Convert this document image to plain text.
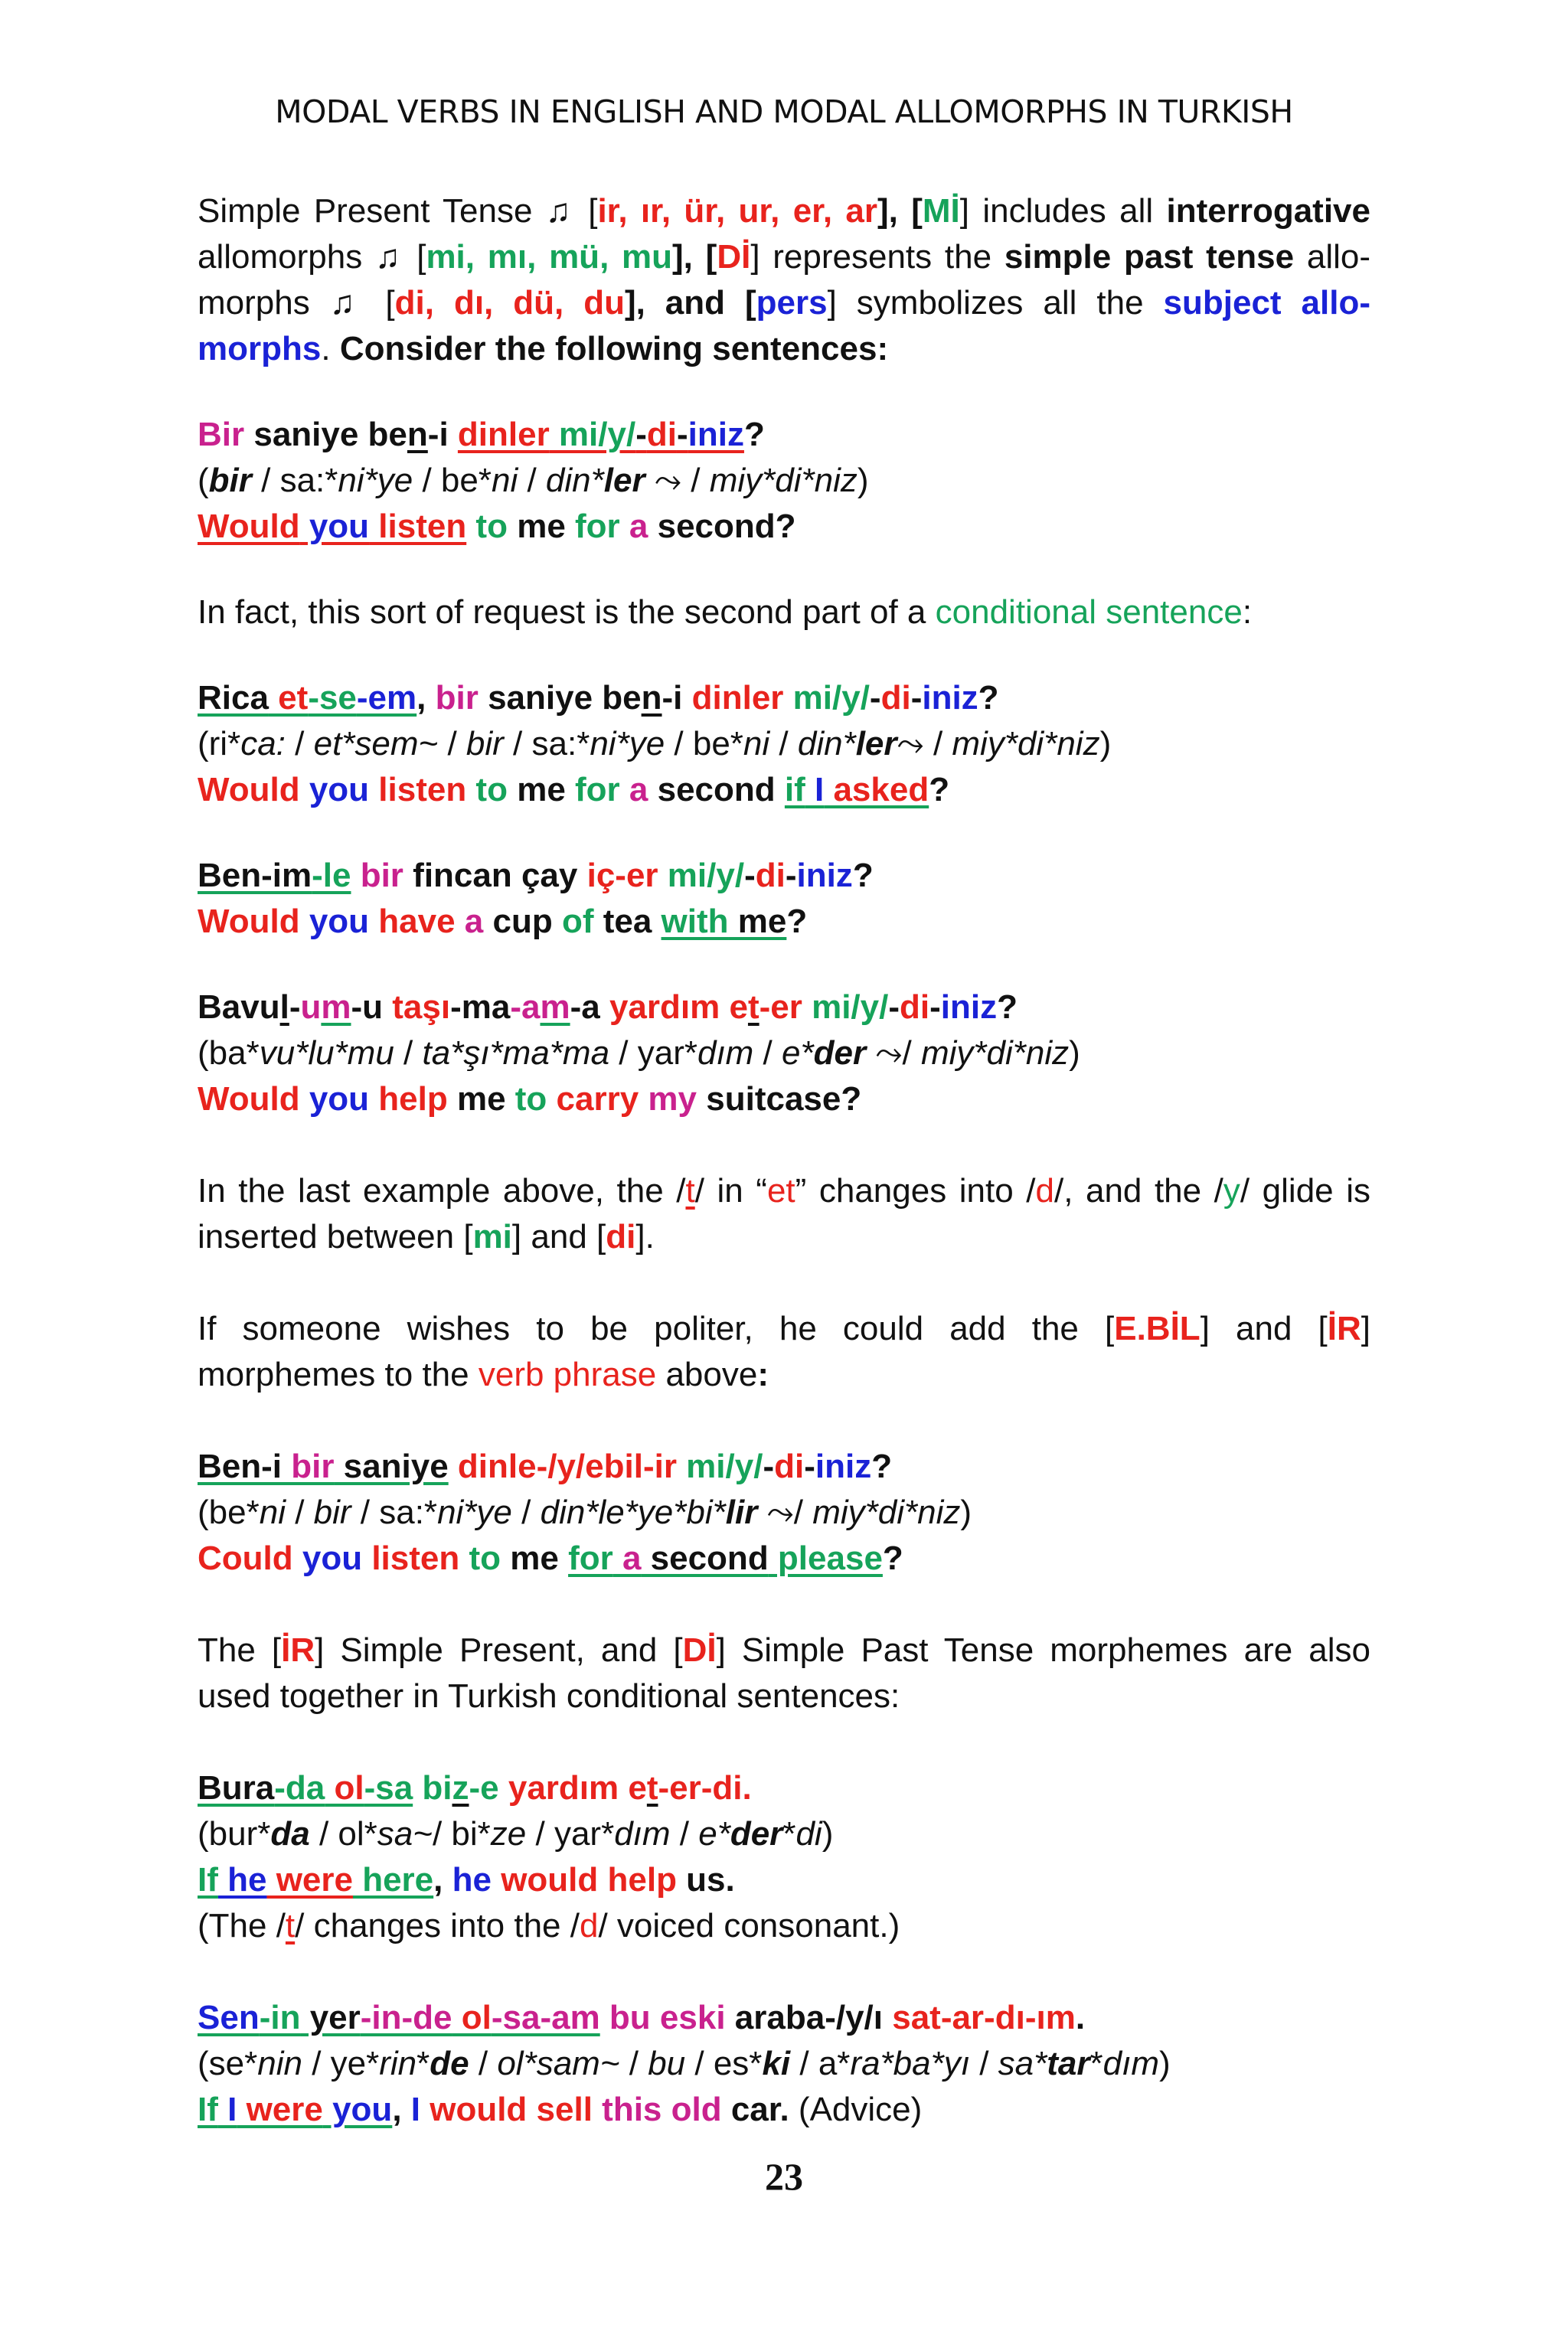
MODAL VERBS IN ENGLISH AND MODAL ALLOMORPHS IN TURKISH
Simple Present Tense ♫ [ir, ır, ür, ur, er, ar], [Mİ] includes all interrogative
allomorphs ♫ [mi, mı, mü, mu], [Dİ] represents the simple past tense allo-
morphs ♫ [di, dı, dü, du], and [pers] symbolizes all the subject allo-
morphs. Consider the following sentences:
Bir saniye ben-i dinler mi/y/-di-iniz?
(bir / sa:*ni*ye / be*ni / din*ler ⤳ / miy*di*niz)
Would you listen to me for a second?
In fact, this sort of request is the second part of a conditional sentence:
Rica et-se-em, bir saniye ben-i dinler mi/y/-di-iniz?
(ri*ca: / et*sem~ / bir / sa:*ni*ye / be*ni / din*ler⤳ / miy*di*niz)
Would you listen to me for a second if I asked?
Ben-im-le bir fincan çay iç-er mi/y/-di-iniz?
Would you have a cup of tea with me?
Bavul-um-u taşı-ma-am-a yardım et-er mi/y/-di-iniz?
(ba*vu*lu*mu / ta*şı*ma*ma / yar*dım / e*der ⤳/ miy*di*niz)
Would you help me to carry my suitcase?
In the last example above, the /t/ in “et” changes into /d/, and the /y/ glide is
inserted between [mi] and [di].
If someone wishes to be politer, he could add the [E.BİL] and [İR]
morphemes to the verb phrase above:
Ben-i bir saniye dinle-/y/ebil-ir mi/y/-di-iniz?
(be*ni / bir / sa:*ni*ye / din*le*ye*bi*lir ⤳/ miy*di*niz)
Could you listen to me for a second please?
The [İR] Simple Present, and [Dİ] Simple Past Tense morphemes are also
used together in Turkish conditional sentences:
Bura-da ol-sa biz-e yardım et-er-di.
(bur*da / ol*sa~/ bi*ze / yar*dım / e*der*di)
If he were here, he would help us.
(The /t/ changes into the /d/ voiced consonant.)
Sen-in yer-in-de ol-sa-am bu eski araba-/y/ı sat-ar-dı-ım.
(se*nin / ye*rin*de / ol*sam~ / bu / es*ki / a*ra*ba*yı / sa*tar*dım)
If I were you, I would sell this old car. (Advice)
23
